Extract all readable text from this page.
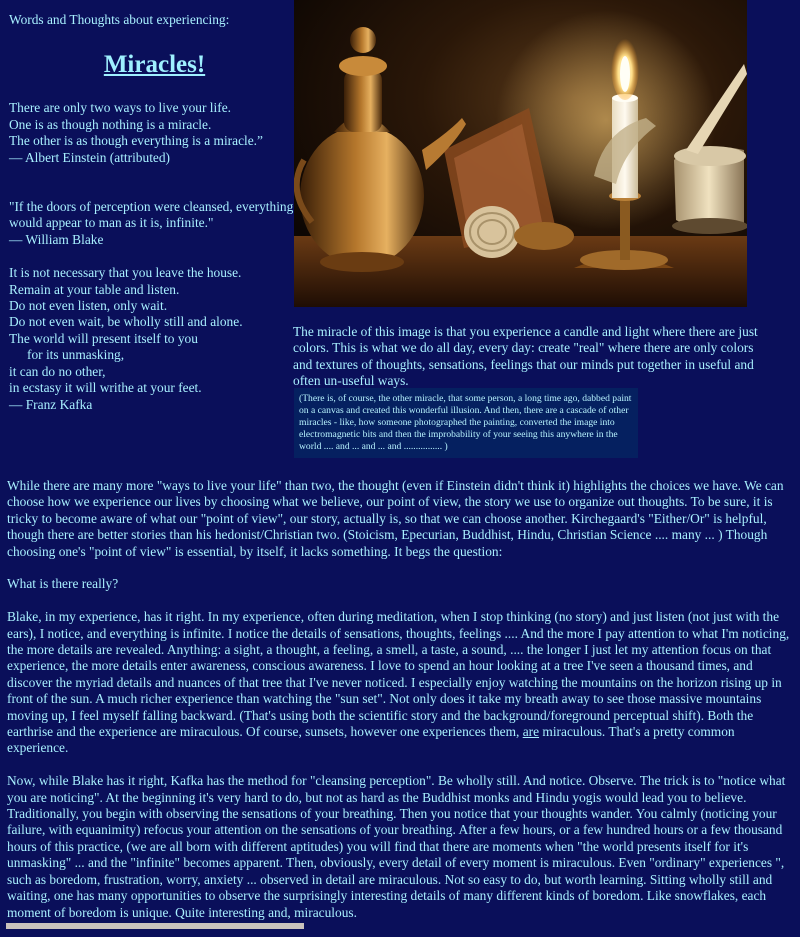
Words and Thoughts about experiencing:

Miracles!
There are only two ways to live your life.
One is as though nothing is a miracle.
The other is as though everything is a miracle.”
— Albert Einstein (attributed)
"If the doors of perception were cleansed, everything would appear to man as it is, infinite."
— William Blake
It is not necessary that you leave the house.
Remain at your table and listen.
Do not even listen, only wait.
Do not even wait, be wholly still and alone.
The world will present itself to you
for its unmasking,
it can do no other,
in ecstasy it will writhe at your feet.
— Franz Kafka

The miracle of this image is that you experience a candle and light where there are just colors. This is what we do all day, every day: create "real" where there are only colors and textures of thoughts, sensations, feelings that our minds put together in useful and often un-useful ways.

(There is, of course, the other miracle, that some person, a long time ago, dabbed paint on a canvas and created this wonderful illusion. And then, there are a cascade of other miracles - like, how someone photographed the painting, converted the image into electromagnetic bits and then the improbability of your seeing this anywhere in the world .... and ... and ... and ................ )

While there are many more "ways to live your life" than two, the thought (even if Einstein didn't think it) highlights the choices we have. We can choose how we experience our lives by choosing what we believe, our point of view, the story we use to organize out thoughts. To be sure, it is tricky to become aware of what our "point of view", our story, actually is, so that we can choose another. Kirchegaard's "Either/Or" is helpful, though there are better stories than his hedonist/Christian two. (Stoicism, Epecurian, Buddhist, Hindu, Christian Science .... many ... ) Though choosing one's "point of view" is essential, by itself, it lacks something. It begs the question:

What is there really?

Blake, in my experience, has it right. In my experience, often during meditation, when I stop thinking (no story) and just listen (not just with the ears), I notice, and everything is infinite. I notice the details of sensations, thoughts, feelings .... And the more I pay attention to what I'm noticing, the more details are revealed. Anything: a sight, a thought, a feeling, a smell, a taste, a sound, .... the longer I just let my attention focus on that experience, the more details enter awareness, conscious awareness. I love to spend an hour looking at a tree I've seen a thousand times, and discover the myriad details and nuances of that tree that I've never noticed. I especially enjoy watching the mountains on the horizon rising up in front of the sun. A much richer experience than watching the "sun set". Not only does it take my breath away to see those massive mountains moving up, I feel myself falling backward. (That's using both the scientific story and the background/foreground perceptual shift). Both the earthrise and the experience are miraculous. Of course, sunsets, however one experiences them, are miraculous. That's a pretty common experience.

Now, while Blake has it right, Kafka has the method for "cleansing perception". Be wholly still. And notice. Observe. The trick is to "notice what you are noticing". At the beginning it's very hard to do, but not as hard as the Buddhist monks and Hindu yogis would lead you to believe. Traditionally, you begin with observing the sensations of your breathing. Then you notice that your thoughts wander. You calmly (noticing your failure, with equanimity) refocus your attention on the sensations of your breathing. After a few hours, or a few hundred hours or a few thousand hours of this practice, (we are all born with different aptitudes) you will find that there are moments when "the world presents itself for it's unmasking" ... and the "infinite" becomes apparent. Then, obviously, every detail of every moment is miraculous. Even "ordinary" experiences ", such as boredom, frustration, worry, anxiety ... observed in detail are miraculous. Not so easy to do, but worth learning. Sitting wholly still and waiting, one has many opportunities to observe the surprisingly interesting details of many different kinds of boredom. Like snowflakes, each moment of boredom is unique. Quite interesting and, miraculous.
